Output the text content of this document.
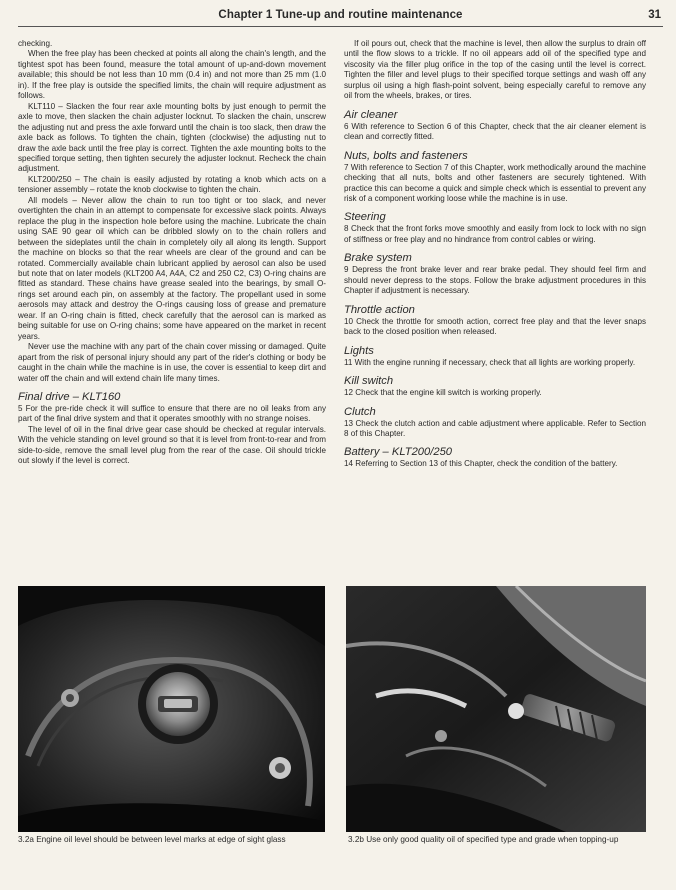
Chapter 1 Tune-up and routine maintenance	31

checking.

When the free play has been checked at points all along the chain's length, and the tightest spot has been found, measure the total amount of up-and-down movement available; this should be not less than 10 mm (0.4 in) and not more than 25 mm (1.0 in). If the free play is outside the specified limits, the chain will require adjustment as follows.

KLT110 – Slacken the four rear axle mounting bolts by just enough to permit the axle to move, then slacken the chain adjuster locknut. To slacken the chain, unscrew the adjusting nut and press the axle forward until the chain is too slack, then draw the axle back as follows. To tighten the chain, tighten (clockwise) the adjusting nut to draw the axle back until the free play is correct. Tighten the axle mounting bolts to the specified torque setting, then tighten securely the adjuster locknut. Recheck the chain adjustment.

KLT200/250 – The chain is easily adjusted by rotating a knob which acts on a tensioner assembly – rotate the knob clockwise to tighten the chain.

All models – Never allow the chain to run too tight or too slack, and never overtighten the chain in an attempt to compensate for excessive slack points. Always replace the plug in the inspection hole before using the machine. Lubricate the chain using SAE 90 gear oil which can be dribbled slowly on to the chain rollers and between the sideplates until the chain in completely oily all along its length. Support the machine on blocks so that the rear wheels are clear of the ground and can be rotated. Commercially available chain lubricant applied by aerosol can also be used but note that on later models (KLT200 A4, A4A, C2 and 250 C2, C3) O-ring chains are fitted as standard. These chains have grease sealed into the bearings, by small O-rings set around each pin, on assembly at the factory. The propellant used in some aerosols may attack and destroy the O-rings causing loss of grease and premature wear. If an O-ring chain is fitted, check carefully that the aerosol can is marked as being suitable for use on O-ring chains; some have appeared on the market in recent years.

Never use the machine with any part of the chain cover missing or damaged. Quite apart from the risk of personal injury should any part of the rider's clothing or body be caught in the chain while the machine is in use, the cover is essential to keep dirt and water off the chain and will extend chain life many times.

Final drive – KLT160

5 For the pre-ride check it will suffice to ensure that there are no oil leaks from any part of the final drive system and that it operates smoothly with no strange noises.

The level of oil in the final drive gear case should be checked at regular intervals. With the vehicle standing on level ground so that it is level from front-to-rear and from side-to-side, remove the small level plug from the rear of the case. Oil should trickle out slowly if the level is correct.

If oil pours out, check that the machine is level, then allow the surplus to drain off until the flow slows to a trickle. If no oil appears add oil of the specified type and viscosity via the filler plug orifice in the top of the casing until the level is correct. Tighten the filler and level plugs to their specified torque settings and wash off any surplus oil using a high flash-point solvent, being especially careful to remove any oil from the wheels, brakes, or tires.

Air cleaner

6 With reference to Section 6 of this Chapter, check that the air cleaner element is clean and correctly fitted.

Nuts, bolts and fasteners

7 With reference to Section 7 of this Chapter, work methodically around the machine checking that all nuts, bolts and other fasteners are securely tightened. With practice this can become a quick and simple check which is essential to prevent any risk of a component working loose while the machine is in use.

Steering

8 Check that the front forks move smoothly and easily from lock to lock with no sign of stiffness or free play and no hindrance from control cables or wiring.

Brake system

9 Depress the front brake lever and rear brake pedal. They should feel firm and should never depress to the stops. Follow the brake adjustment procedures in this Chapter if adjustment is necessary.

Throttle action

10 Check the throttle for smooth action, correct free play and that the lever snaps back to the closed position when released.

Lights

11 With the engine running if necessary, check that all lights are working properly.

Kill switch

12 Check that the engine kill switch is working properly.

Clutch

13 Check the clutch action and cable adjustment where applicable. Refer to Section 8 of this Chapter.

Battery – KLT200/250

14 Referring to Section 13 of this Chapter, check the condition of the battery.

3.2a Engine oil level should be between level marks at edge of sight glass	3.2b Use only good quality oil of specified type and grade when topping-up
